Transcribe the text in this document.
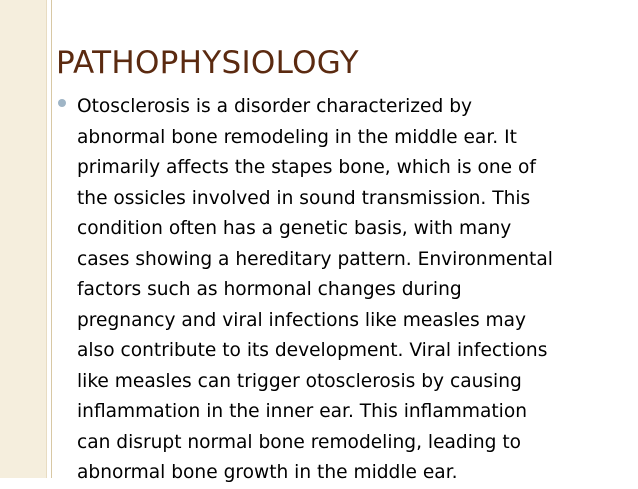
PATHOPHYSIOLOGY
Otosclerosis is a disorder characterized by
abnormal bone remodeling in the middle ear. It
primarily affects the stapes bone, which is one of
the ossicles involved in sound transmission. This
condition often has a genetic basis, with many
cases showing a hereditary pattern. Environmental
factors such as hormonal changes during
pregnancy and viral infections like measles may
also contribute to its development. Viral infections
like measles can trigger otosclerosis by causing
inflammation in the inner ear. This inflammation
can disrupt normal bone remodeling, leading to
abnormal bone growth in the middle ear.
